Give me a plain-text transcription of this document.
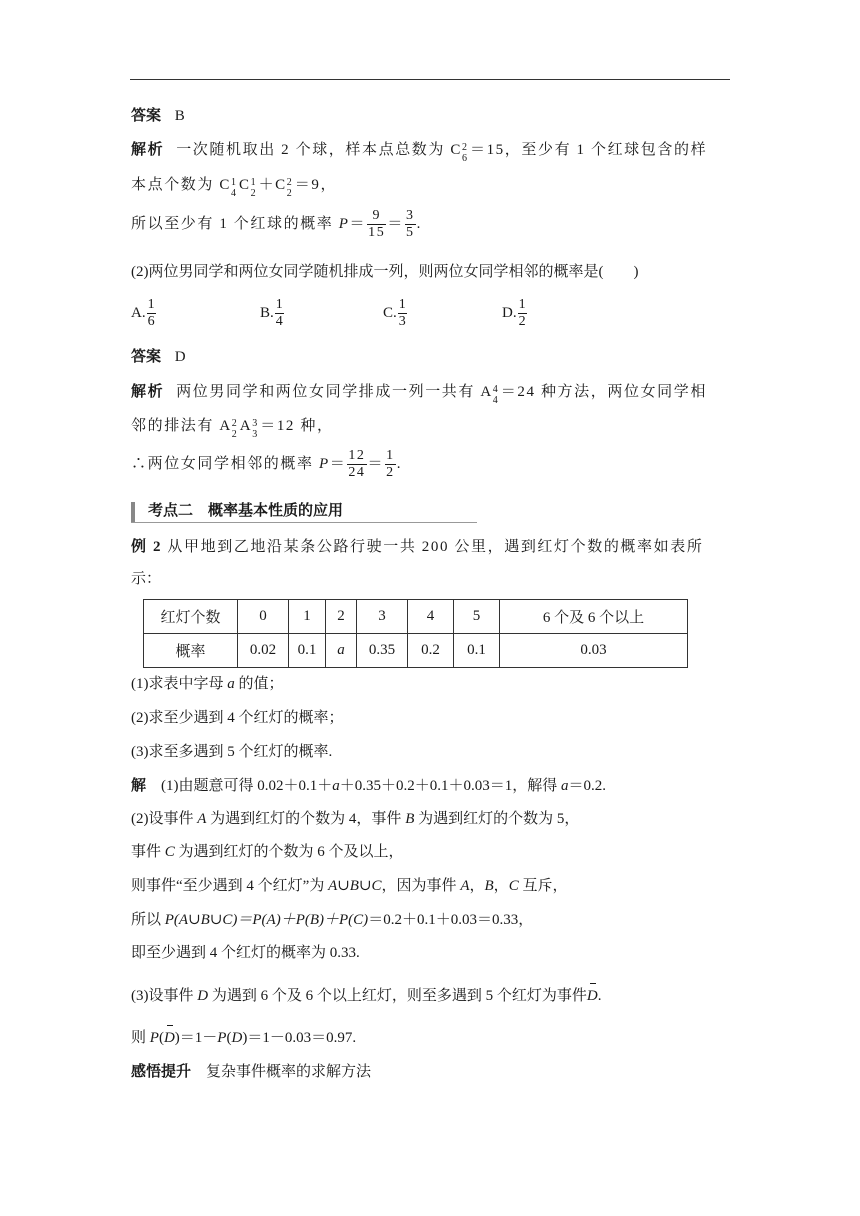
答案 B
解析 一次随机取出 2 个球，样本点总数为 C 2
6
＝15，至少有 1 个红球包含的样
本点个数为 C 1
4
C 1
2
＋C 2
2
＝9，
所以至少有 1 个红球的概率 $P= \frac{9}{15} = \frac{3}{5}$ .
(2)两位男同学和两位女同学随机排成一列，则两位女同学相邻的概率是(　　)
A. $\frac{1}{6}$	B. $\frac{1}{4}$	C. $\frac{1}{3}$	D. $\frac{1}{2}$
答案 D
解析 两位男同学和两位女同学排成一列一共有 A 4
4
＝24 种方法，两位女同学相
邻的排法有 A 2
2
A 3
3
＝12 种，
∴两位女同学相邻的概率 $P= \frac{12}{24} = \frac{1}{2}$ .
考点二　概率基本性质的应用
例 2 从甲地到乙地沿某条公路行驶一共 200 公里，遇到红灯个数的概率如表所
示：
红灯个数	0	1	2	3	4	5	6 个及 6 个以上
概率	0.02	0.1	a	0.35	0.2	0.1	0.03
(1)求表中字母 a 的值；
(2)求至少遇到 4 个红灯的概率；
(3)求至多遇到 5 个红灯的概率.
解　(1)由题意可得 0.02＋0.1＋a＋0.35＋0.2＋0.1＋0.03＝1，解得 a＝0.2.
(2)设事件 A 为遇到红灯的个数为 4，事件 B 为遇到红灯的个数为 5，
事件 C 为遇到红灯的个数为 6 个及以上，
则事件“至少遇到 4 个红灯”为 A∪B∪C，因为事件 A，B，C 互斥，
所以 P(A∪B∪C)＝P(A)＋P(B)＋P(C)＝0.2＋0.1＋0.03＝0.33，
即至少遇到 4 个红灯的概率为 0.33.
(3)设事件 D 为遇到 6 个及 6 个以上红灯，则至多遇到 5 个红灯为事件D.
则 P(D)＝1－P(D)＝1－0.03＝0.97.
感悟提升　复杂事件概率的求解方法
